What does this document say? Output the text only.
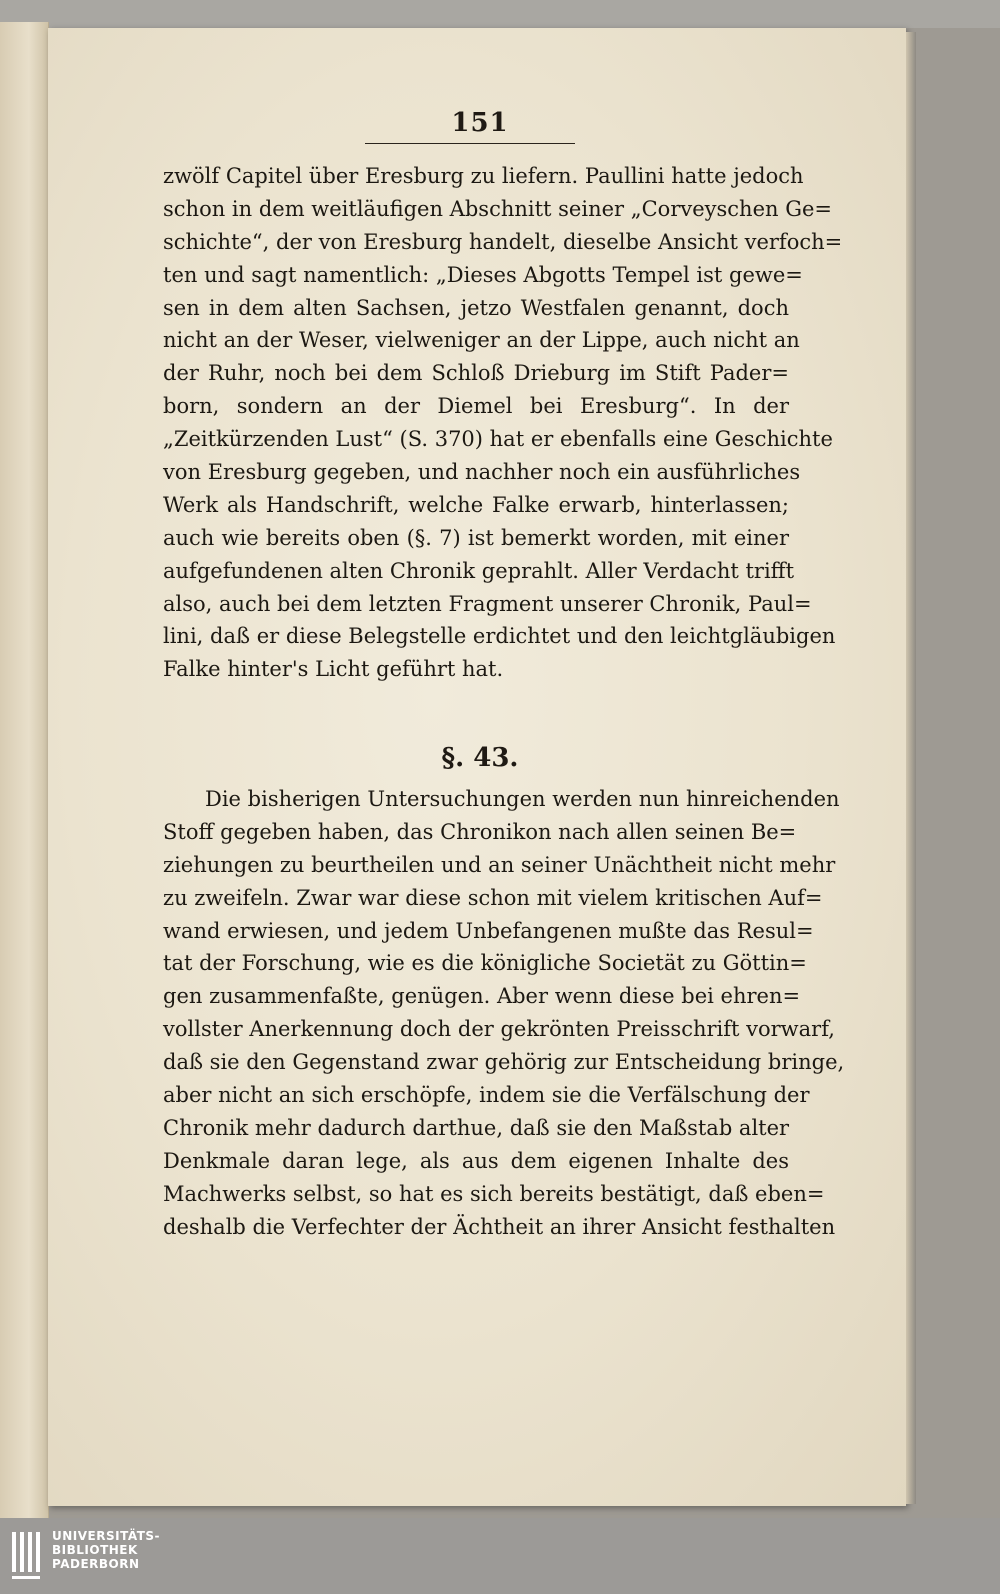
151
zwölf Capitel über Eresburg zu liefern. Paullini hatte jedoch
schon in dem weitläufigen Abschnitt seiner „Corveyschen Ge=
schichte“, der von Eresburg handelt, dieselbe Ansicht verfoch=
ten und sagt namentlich: „Dieses Abgotts Tempel ist gewe=
sen in dem alten Sachsen, jetzo Westfalen genannt, doch
nicht an der Weser, vielweniger an der Lippe, auch nicht an
der Ruhr, noch bei dem Schloß Drieburg im Stift Pader=
born, sondern an der Diemel bei Eresburg“. In der
„Zeitkürzenden Lust“ (S. 370) hat er ebenfalls eine Geschichte
von Eresburg gegeben, und nachher noch ein ausführliches
Werk als Handschrift, welche Falke erwarb, hinterlassen;
auch wie bereits oben (§. 7) ist bemerkt worden, mit einer
aufgefundenen alten Chronik geprahlt. Aller Verdacht trifft
also, auch bei dem letzten Fragment unserer Chronik, Paul=
lini, daß er diese Belegstelle erdichtet und den leichtgläubigen
Falke hinter's Licht geführt hat.
§. 43.
Die bisherigen Untersuchungen werden nun hinreichenden
Stoff gegeben haben, das Chronikon nach allen seinen Be=
ziehungen zu beurtheilen und an seiner Unächtheit nicht mehr
zu zweifeln. Zwar war diese schon mit vielem kritischen Auf=
wand erwiesen, und jedem Unbefangenen mußte das Resul=
tat der Forschung, wie es die königliche Societät zu Göttin=
gen zusammenfaßte, genügen. Aber wenn diese bei ehren=
vollster Anerkennung doch der gekrönten Preisschrift vorwarf,
daß sie den Gegenstand zwar gehörig zur Entscheidung bringe,
aber nicht an sich erschöpfe, indem sie die Verfälschung der
Chronik mehr dadurch darthue, daß sie den Maßstab alter
Denkmale daran lege, als aus dem eigenen Inhalte des
Machwerks selbst, so hat es sich bereits bestätigt, daß eben=
deshalb die Verfechter der Ächtheit an ihrer Ansicht festhalten
UNIVERSITÄTS-
BIBLIOTHEK
PADERBORN
